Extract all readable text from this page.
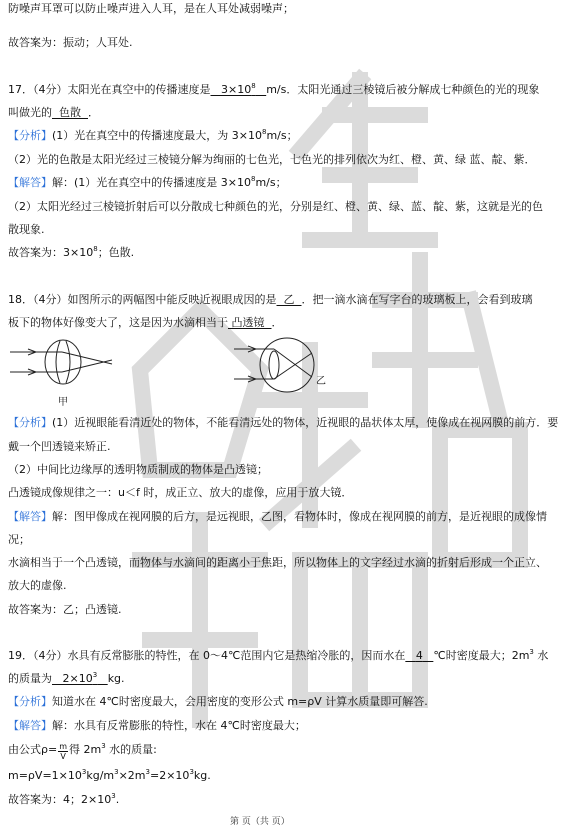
防噪声耳罩可以防止噪声进入人耳，是在人耳处减弱噪声；
故答案为：振动；人耳处.
17．（4分）太阳光在真空中的传播速度是 $3\times 10^8$ m/s．太阳光通过三棱镜后被分解成七种颜色的光的现象
叫做光的 色散 ．
【分析】(1）光在真空中的传播速度最大，为 $3\times 10^8m/s$；
（2）光的色散是太阳光经过三棱镜分解为绚丽的七色光，七色光的排列依次为红、橙、黄、绿 蓝、靛、紫．
【解答】解：(1）光在真空中的传播速度是 $3\times 10^8m/s$；
（2）太阳光经过三棱镜折射后可以分散成七种颜色的光，分别是红、橙、黄、绿、蓝、靛、紫，这就是光的色
散现象.
故答案为：$3\times 10^8$；色散.
18．（4分）如图所示的两幅图中能反映近视眼成因的是 乙 ．把一滴水滴在写字台的玻璃板上，会看到玻璃
板下的物体好像变大了，这是因为水滴相当于 凸透镜 ．
甲
乙
【分析】(1）近视眼能看清近处的物体，不能看清远处的物体，近视眼的晶状体太厚，使像成在视网膜的前方．要
戴一个凹透镜来矫正.
（2）中间比边缘厚的透明物质制成的物体是凸透镜；
凸透镜成像规律之一：u＜f 时，成正立、放大的虚像，应用于放大镜．
【解答】解：图甲像成在视网膜的后方，是远视眼，乙图，看物体时，像成在视网膜的前方，是近视眼的成像情
况；
水滴相当于一个凸透镜，而物体与水滴间的距离小于焦距，所以物体上的文字经过水滴的折射后形成一个正立、
放大的虚像.
故答案为：乙；凸透镜.
19．（4分）水具有反常膨胀的特性，在 0～4℃范围内它是热缩冷胀的，因而水在 4 ℃时密度最大；$2m^3$ 水
的质量为 $2\times 10^3$ kg.
【分析】知道水在 4℃时密度最大，会用密度的变形公式 m=ρV 计算水质量即可解答.
【解答】解：水具有反常膨胀的特性，水在 4℃时密度最大；
由公式$\rho= \frac{m}{V}$ 得 $2m^3$ 水的质量:
$m=\rho V=1\times 10^3kg/m^3\times 2m^3=2\times 10^3kg$.
故答案为：4；$2\times 10^3$.
第 页（共 页）
